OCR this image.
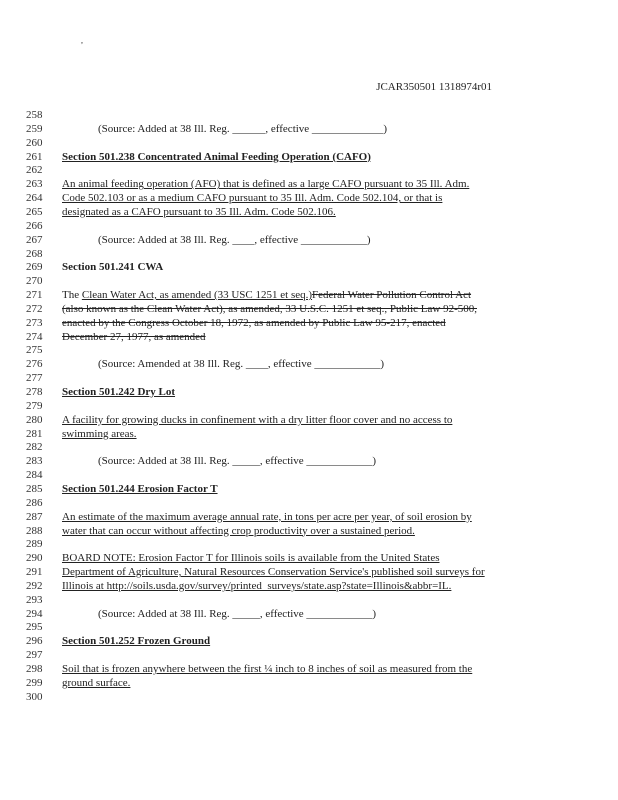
,
JCAR350501 1318974r01
258
259	(Source: Added at 38 Ill. Reg. ______, effective _____________)
260
261	Section 501.238 Concentrated Animal Feeding Operation (CAFO)
262
263	An animal feeding operation (AFO) that is defined as a large CAFO pursuant to 35 Ill. Adm.
264	Code 502.103 or as a medium CAFO pursuant to 35 Ill. Adm. Code 502.104, or that is
265	designated as a CAFO pursuant to 35 Ill. Adm. Code 502.106.
266
267	(Source: Added at 38 Ill. Reg. ____, effective ____________)
268
269	Section 501.241 CWA
270
271	The Clean Water Act, as amended (33 USC 1251 et seq.)Federal Water Pollution Control Act
272	(also known as the Clean Water Act), as amended, 33 U.S.C. 1251 et seq., Public Law 92-500,
273	enacted by the Congress October 18, 1972, as amended by Public Law 95-217, enacted
274	December 27, 1977, as amended
275
276	(Source: Amended at 38 Ill. Reg. ____, effective ____________)
277
278	Section 501.242 Dry Lot
279
280	A facility for growing ducks in confinement with a dry litter floor cover and no access to
281	swimming areas.
282
283	(Source: Added at 38 Ill. Reg. _____, effective ____________)
284
285	Section 501.244 Erosion Factor T
286
287	An estimate of the maximum average annual rate, in tons per acre per year, of soil erosion by
288	water that can occur without affecting crop productivity over a sustained period.
289
290	BOARD NOTE: Erosion Factor T for Illinois soils is available from the United States
291	Department of Agriculture, Natural Resources Conservation Service's published soil surveys for
292	Illinois at http://soils.usda.gov/survey/printed_surveys/state.asp?state=Illinois&abbr=IL.
293
294	(Source: Added at 38 Ill. Reg. _____, effective ____________)
295
296	Section 501.252 Frozen Ground
297
298	Soil that is frozen anywhere between the first ¼ inch to 8 inches of soil as measured from the
299	ground surface.
300
